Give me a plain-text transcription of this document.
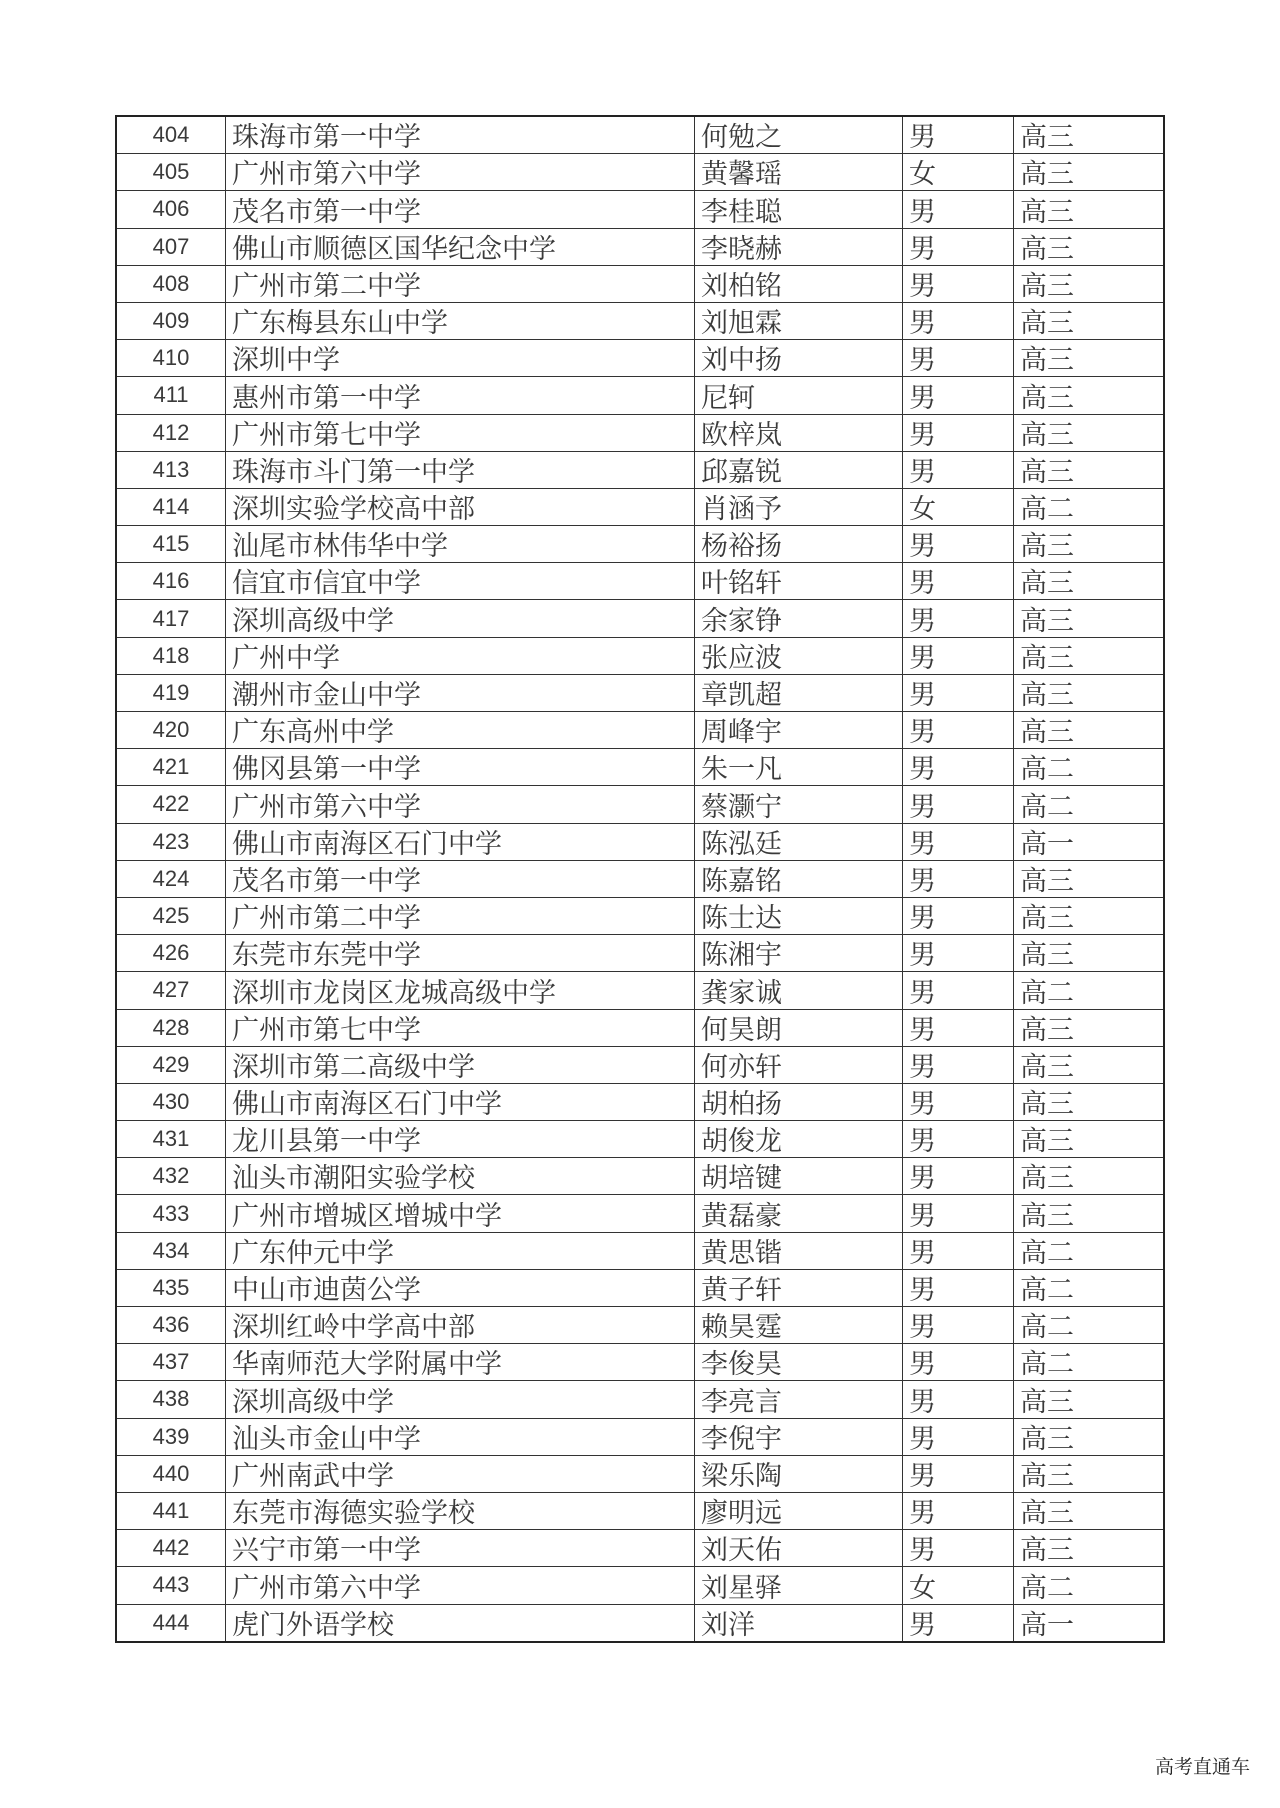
404	珠海市第一中学	何勉之	男	高三
405	广州市第六中学	黄馨瑶	女	高三
406	茂名市第一中学	李桂聪	男	高三
407	佛山市顺德区国华纪念中学	李晓赫	男	高三
408	广州市第二中学	刘柏铭	男	高三
409	广东梅县东山中学	刘旭霖	男	高三
410	深圳中学	刘中扬	男	高三
411	惠州市第一中学	尼轲	男	高三
412	广州市第七中学	欧梓岚	男	高三
413	珠海市斗门第一中学	邱嘉锐	男	高三
414	深圳实验学校高中部	肖涵予	女	高二
415	汕尾市林伟华中学	杨裕扬	男	高三
416	信宜市信宜中学	叶铭轩	男	高三
417	深圳高级中学	余家铮	男	高三
418	广州中学	张应波	男	高三
419	潮州市金山中学	章凯超	男	高三
420	广东高州中学	周峰宇	男	高三
421	佛冈县第一中学	朱一凡	男	高二
422	广州市第六中学	蔡灏宁	男	高二
423	佛山市南海区石门中学	陈泓廷	男	高一
424	茂名市第一中学	陈嘉铭	男	高三
425	广州市第二中学	陈士达	男	高三
426	东莞市东莞中学	陈湘宇	男	高三
427	深圳市龙岗区龙城高级中学	龚家诚	男	高二
428	广州市第七中学	何昊朗	男	高三
429	深圳市第二高级中学	何亦轩	男	高三
430	佛山市南海区石门中学	胡柏扬	男	高三
431	龙川县第一中学	胡俊龙	男	高三
432	汕头市潮阳实验学校	胡培键	男	高三
433	广州市增城区增城中学	黄磊豪	男	高三
434	广东仲元中学	黄思锴	男	高二
435	中山市迪茵公学	黄子轩	男	高二
436	深圳红岭中学高中部	赖昊霆	男	高二
437	华南师范大学附属中学	李俊昊	男	高二
438	深圳高级中学	李亮言	男	高三
439	汕头市金山中学	李倪宇	男	高三
440	广州南武中学	梁乐陶	男	高三
441	东莞市海德实验学校	廖明远	男	高三
442	兴宁市第一中学	刘天佑	男	高三
443	广州市第六中学	刘星驿	女	高二
444	虎门外语学校	刘洋	男	高一
高考直通车
